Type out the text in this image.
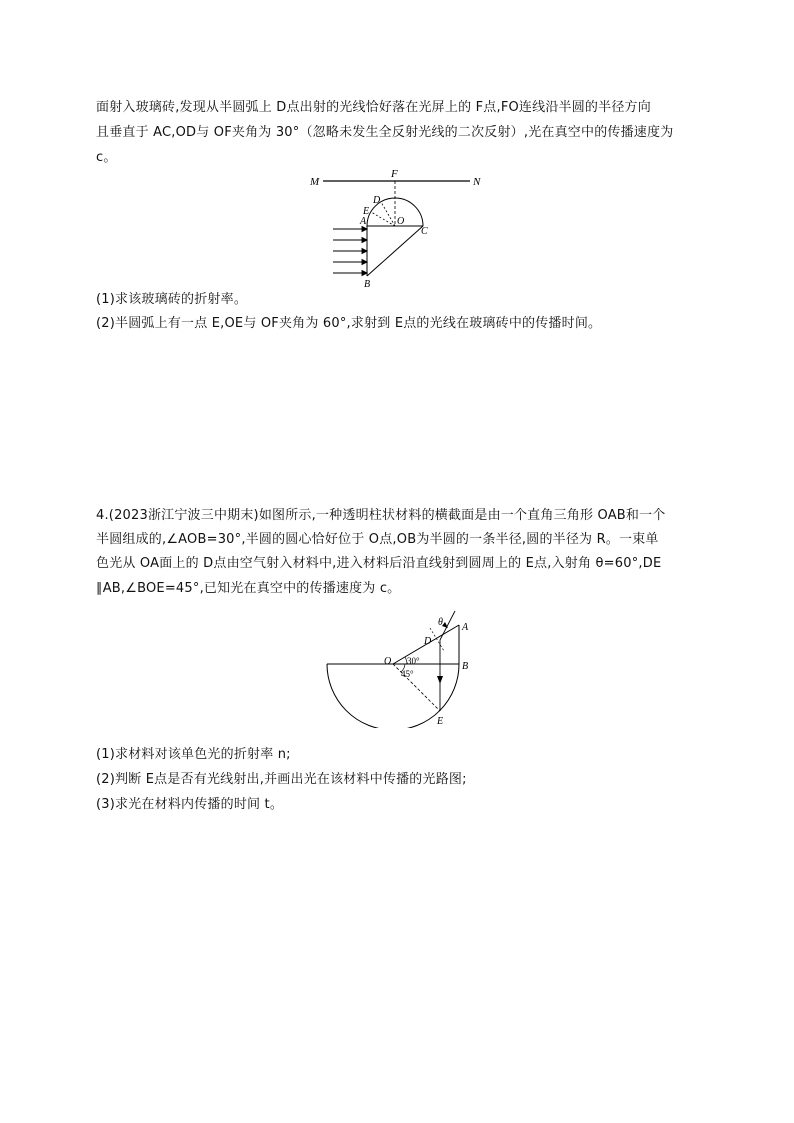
面射入玻璃砖,发现从半圆弧上 D点出射的光线恰好落在光屏上的 F点,FO连线沿半圆的半径方向
且垂直于 AC,OD与 OF夹角为 30°（忽略未发生全反射光线的二次反射）,光在真空中的传播速度为
c。
M
F
N
D
E
A	O
C
B
(1)求该玻璃砖的折射率。
(2)半圆弧上有一点 E,OE与 OF夹角为 60°,求射到 E点的光线在玻璃砖中的传播时间。
4.(2023浙江宁波三中期末)如图所示,一种透明柱状材料的横截面是由一个直角三角形 OAB和一个
半圆组成的,∠AOB=30°,半圆的圆心恰好位于 O点,OB为半圆的一条半径,圆的半径为 R。一束单
色光从 OA面上的 D点由空气射入材料中,进入材料后沿直线射到圆周上的 E点,入射角 θ=60°,DE
∥AB,∠BOE=45°,已知光在真空中的传播速度为 c。
θ
D
A
O 30°	B
45°
E
(1)求材料对该单色光的折射率 n;
(2)判断 E点是否有光线射出,并画出光在该材料中传播的光路图;
(3)求光在材料内传播的时间 t。
